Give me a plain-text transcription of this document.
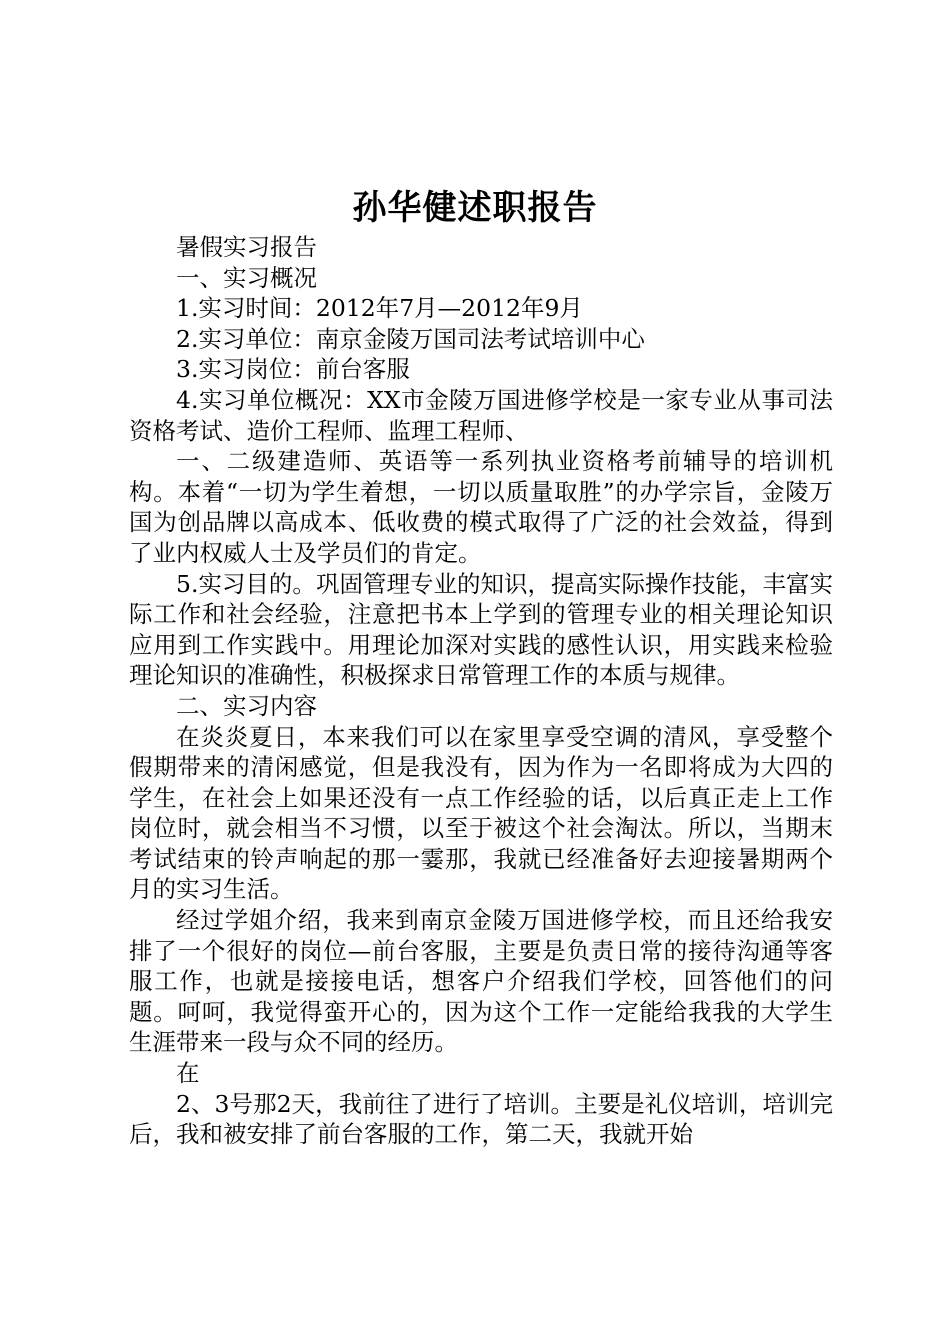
孙华健述职报告

暑假实习报告

一、实习概况

1.实习时间：2012年7月—2012年9月

2.实习单位：南京金陵万国司法考试培训中心

3.实习岗位：前台客服

4.实习单位概况：XX市金陵万国进修学校是一家专业从事司法资格考试、造价工程师、监理工程师、

一、二级建造师、英语等一系列执业资格考前辅导的培训机构。本着“一切为学生着想，一切以质量取胜”的办学宗旨，金陵万国为创品牌以高成本、低收费的模式取得了广泛的社会效益，得到了业内权威人士及学员们的肯定。

5.实习目的。巩固管理专业的知识，提高实际操作技能，丰富实际工作和社会经验，注意把书本上学到的管理专业的相关理论知识应用到工作实践中。用理论加深对实践的感性认识，用实践来检验理论知识的准确性，积极探求日常管理工作的本质与规律。

二、实习内容

在炎炎夏日，本来我们可以在家里享受空调的清风，享受整个假期带来的清闲感觉，但是我没有，因为作为一名即将成为大四的学生，在社会上如果还没有一点工作经验的话，以后真正走上工作岗位时，就会相当不习惯，以至于被这个社会淘汰。所以，当期末考试结束的铃声响起的那一霎那，我就已经准备好去迎接暑期两个月的实习生活。

经过学姐介绍，我来到南京金陵万国进修学校，而且还给我安排了一个很好的岗位—前台客服，主要是负责日常的接待沟通等客服工作，也就是接接电话，想客户介绍我们学校，回答他们的问题。呵呵，我觉得蛮开心的，因为这个工作一定能给我我的大学生生涯带来一段与众不同的经历。

在

2、3号那2天，我前往了进行了培训。主要是礼仪培训，培训完后，我和被安排了前台客服的工作，第二天，我就开始
